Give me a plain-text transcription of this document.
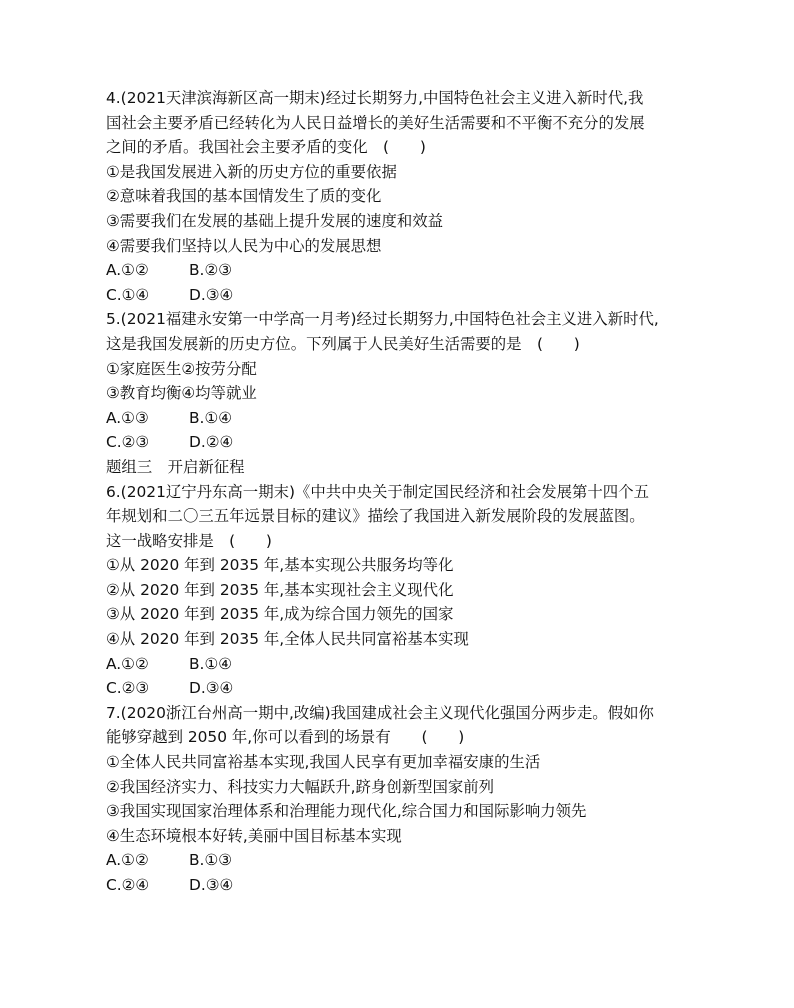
4.(2021天津滨海新区高一期末)经过长期努力,中国特色社会主义进入新时代,我
国社会主要矛盾已经转化为人民日益增长的美好生活需要和不平衡不充分的发展
之间的矛盾。我国社会主要矛盾的变化　(　　)
①是我国发展进入新的历史方位的重要依据
②意味着我国的基本国情发生了质的变化
③需要我们在发展的基础上提升发展的速度和效益
④需要我们坚持以人民为中心的发展思想
A.①②	B.②③
C.①④	D.③④
5.(2021福建永安第一中学高一月考)经过长期努力,中国特色社会主义进入新时代,
这是我国发展新的历史方位。下列属于人民美好生活需要的是　(　　)
①家庭医生②按劳分配
③教育均衡④均等就业
A.①③	B.①④
C.②③	D.②④
题组三　开启新征程
6.(2021辽宁丹东高一期末)《中共中央关于制定国民经济和社会发展第十四个五
年规划和二〇三五年远景目标的建议》描绘了我国进入新发展阶段的发展蓝图。
这一战略安排是　(　　)
①从 2020 年到 2035 年,基本实现公共服务均等化
②从 2020 年到 2035 年,基本实现社会主义现代化
③从 2020 年到 2035 年,成为综合国力领先的国家
④从 2020 年到 2035 年,全体人民共同富裕基本实现
A.①②	B.①④
C.②③	D.③④
7.(2020浙江台州高一期中,改编)我国建成社会主义现代化强国分两步走。假如你
能够穿越到 2050 年,你可以看到的场景有　　(　　)
①全体人民共同富裕基本实现,我国人民享有更加幸福安康的生活
②我国经济实力、科技实力大幅跃升,跻身创新型国家前列
③我国实现国家治理体系和治理能力现代化,综合国力和国际影响力领先
④生态环境根本好转,美丽中国目标基本实现
A.①②	B.①③
C.②④	D.③④
